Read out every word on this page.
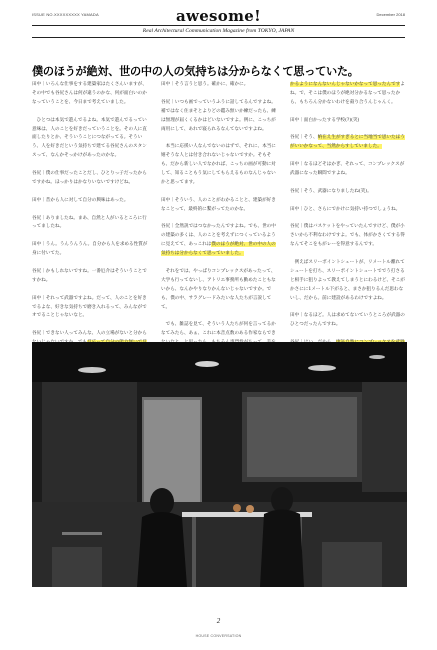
ISSUE NO.XXXXXXXXX YAMADA	awesome!	December 2018
Real Architectural Communication Magazine from TOKYO, JAPAN
僕のほうが絶対、世の中の人の気持ちは分からなくて思っていた。

田中｜いろんな仕事をする建築家はたくさんいますが、その中でも谷尻さんは何が違うのかな、何が面白いのかなっていうことを、今日まで考えていました。

　ひとつは本気で遊んでるよね。本気で遊んでるってい意味は、人のことを好きだっていうことを。その人に直面したりとか、そういうことにつながってる。そういう、人を好きだという気持ちで建てる谷尻さんのスタンスって、なんかそっかけがあったのかな。

谷尻｜僕の仕事だったことだし、ひとりっ子だったからですかね。ほっかりはかなりいないですけどね。

田中｜昔から人に対して自分の興味はあった。

谷尻｜ありましたね。まあ、自然と人がいるところに行ってましたね。

田中｜うん。うんうんうん。自分から人を求める性質が身に付いてた。

谷尻｜かもしれないですね。一番厄介はそういうことですかね。

田中｜それって武器ですよね。だって、人のことを好きでるよな、好きな気持ちで磨き入れるって、みんながでオでることじゃないなと。

谷尻｜できない人ってみんな、人の立場がないと分から

田中｜そう言うと思う。確かに、確かに。

谷尻｜いつも画でっていうふうに話してるんですよね。補ではなく住まそとよりどの鑑み無いか練だったら、練は無理が届くくるかはどいないですよ。例に、こっちが両用にして、あれで寝られるなんてないですよね。

　本当に応援い人なんでないのはずで、それに、本当に嬉そうな人とは付き合れないじゃないですか。そもそも、だから新しい人でなかれば、こっちの画が可動に対して、知ることもう気にしてもらえるものなんじゃないかと思ってます。

田中｜そういう、人のことがわかることと、建築が好きなことって、最終的に繋がってたのかな。

谷尻｜全然説ではつなかったんですよね。でも、世の中の建築の多くは、人のことを考えずにつくっているように見えてて、あっこれは僕のほうが絶対、世の中の人の気持ちは分からなくて思っていました。

　それをでは、やっぱりコンプレックスがあったって、大学も行ってないし、アトリエ事務所も勤めたこともないから、なんかやりなりかんないじゃないですか。でも、僕の中、サラグレードみたいな人たちが言説してて。

　でも、雑誌を見て、そういう人たちが何を言ってるかなてみたら、あぁ、これに本音点数のある作家ならでき

かるようになんないんじゃないかなって思ったんですよね。で、そこは僕のほうが絶対分かるなって思ったから、もちろん分かないわけを殺り合うんじゃんく。

田中｜面白かったする学校(?)(笑)

谷尻｜そう、納在え生がすぎるとに当地当で思いたほうがいいかなって、当然からすしていました。

田中｜なるほどそはかぎ、それって、コンプレックスが武器になった瞬間ですよね。

谷尻｜そう、武器になりましたね(笑)。

田中｜ひと、さらにでかけに気持い持つでしょうね。

谷尻｜僕はバスケットをやっていたんですけど、僕が小さいから不利なわけですよ。でも、体がかさくてする得なんてそこをもがレーを得意するんです。

　例えばスリーポイントシュートが、リメートル離れてシュートを打ち、スリーポイントシュートででう打さると相手に狙りよって教えてしまうとにわるけど、そこがかさにに1メートル下がると、まさか狙りるんだ思わないし、だから。前に建設があるわけですよね。

田中｜なるほど。人は求めてないていうところが武器のひとつだったんですね。

2
HOUSE CONVERSATION
